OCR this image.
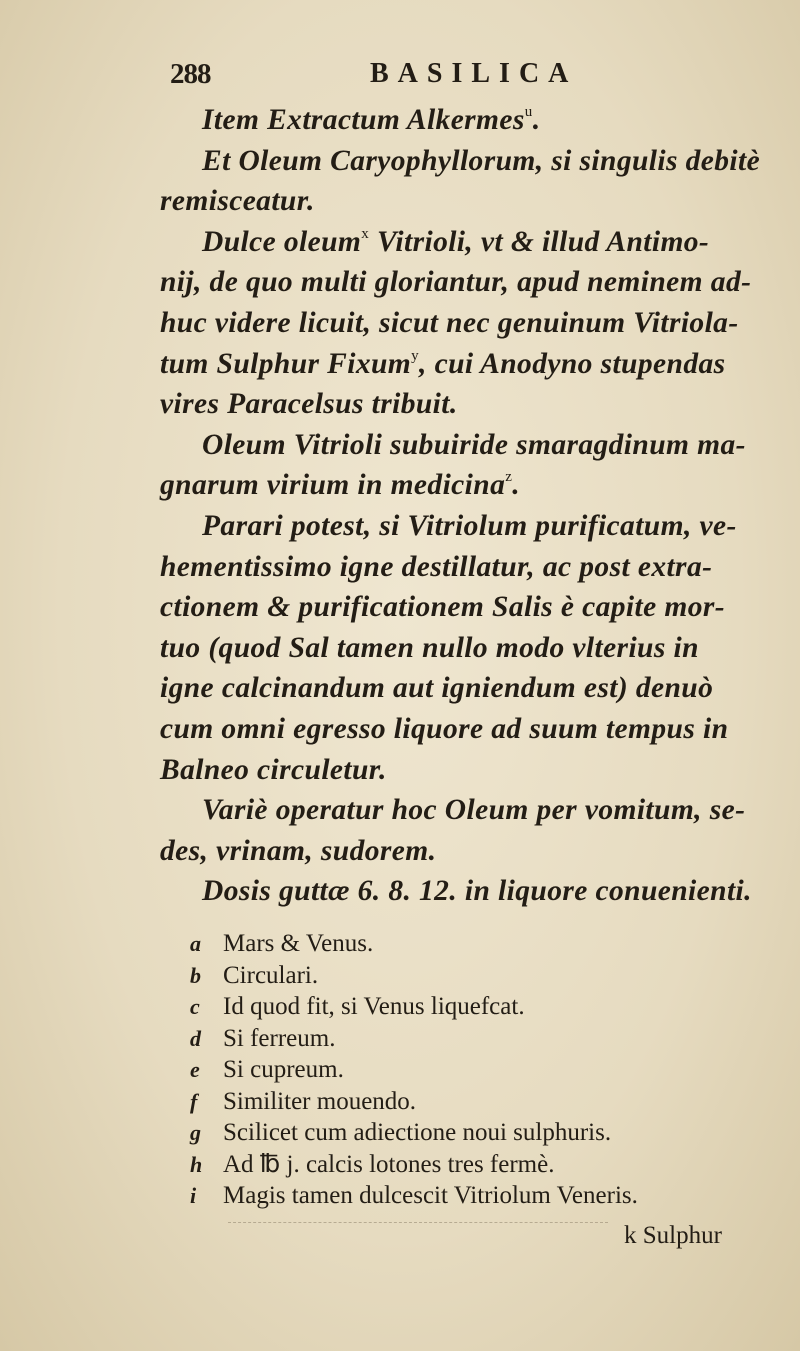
288	BASILICA
Item Extractum Alkermes$^u$.
Et Oleum Caryophyllorum, si singulis debitè
remisceatur.
Dulce oleum$^x$ Vitrioli, vt & illud Antimo-
nij, de quo multi gloriantur, apud neminem ad-
huc videre licuit, sicut nec genuinum Vitriola-
tum Sulphur Fixum$^y$, cui Anodyno stupendas
vires Paracelsus tribuit.
Oleum Vitrioli subuiride smaragdinum ma-
gnarum virium in medicina$^z$.
Parari potest, si Vitriolum purificatum, ve-
hementissimo igne destillatur, ac post extra-
ctionem & purificationem Salis è capite mor-
tuo (quod Sal tamen nullo modo vlterius in
igne calcinandum aut igniendum est) denuò
cum omni egresso liquore ad suum tempus in
Balneo circuletur.
Variè operatur hoc Oleum per vomitum, se-
des, vrinam, sudorem.
Dosis guttæ 6. 8. 12. in liquore conuenienti.
a Mars & Venus.
b Circulari.
c Id quod fit, si Venus liquefcat.
d Si ferreum.
e Si cupreum.
f Similiter mouendo.
g Scilicet cum adiectione noui sulphuris.
h Ad ℔ j. calcis lotones tres fermè.
i Magis tamen dulcescit Vitriolum Veneris.
k Sulphur
